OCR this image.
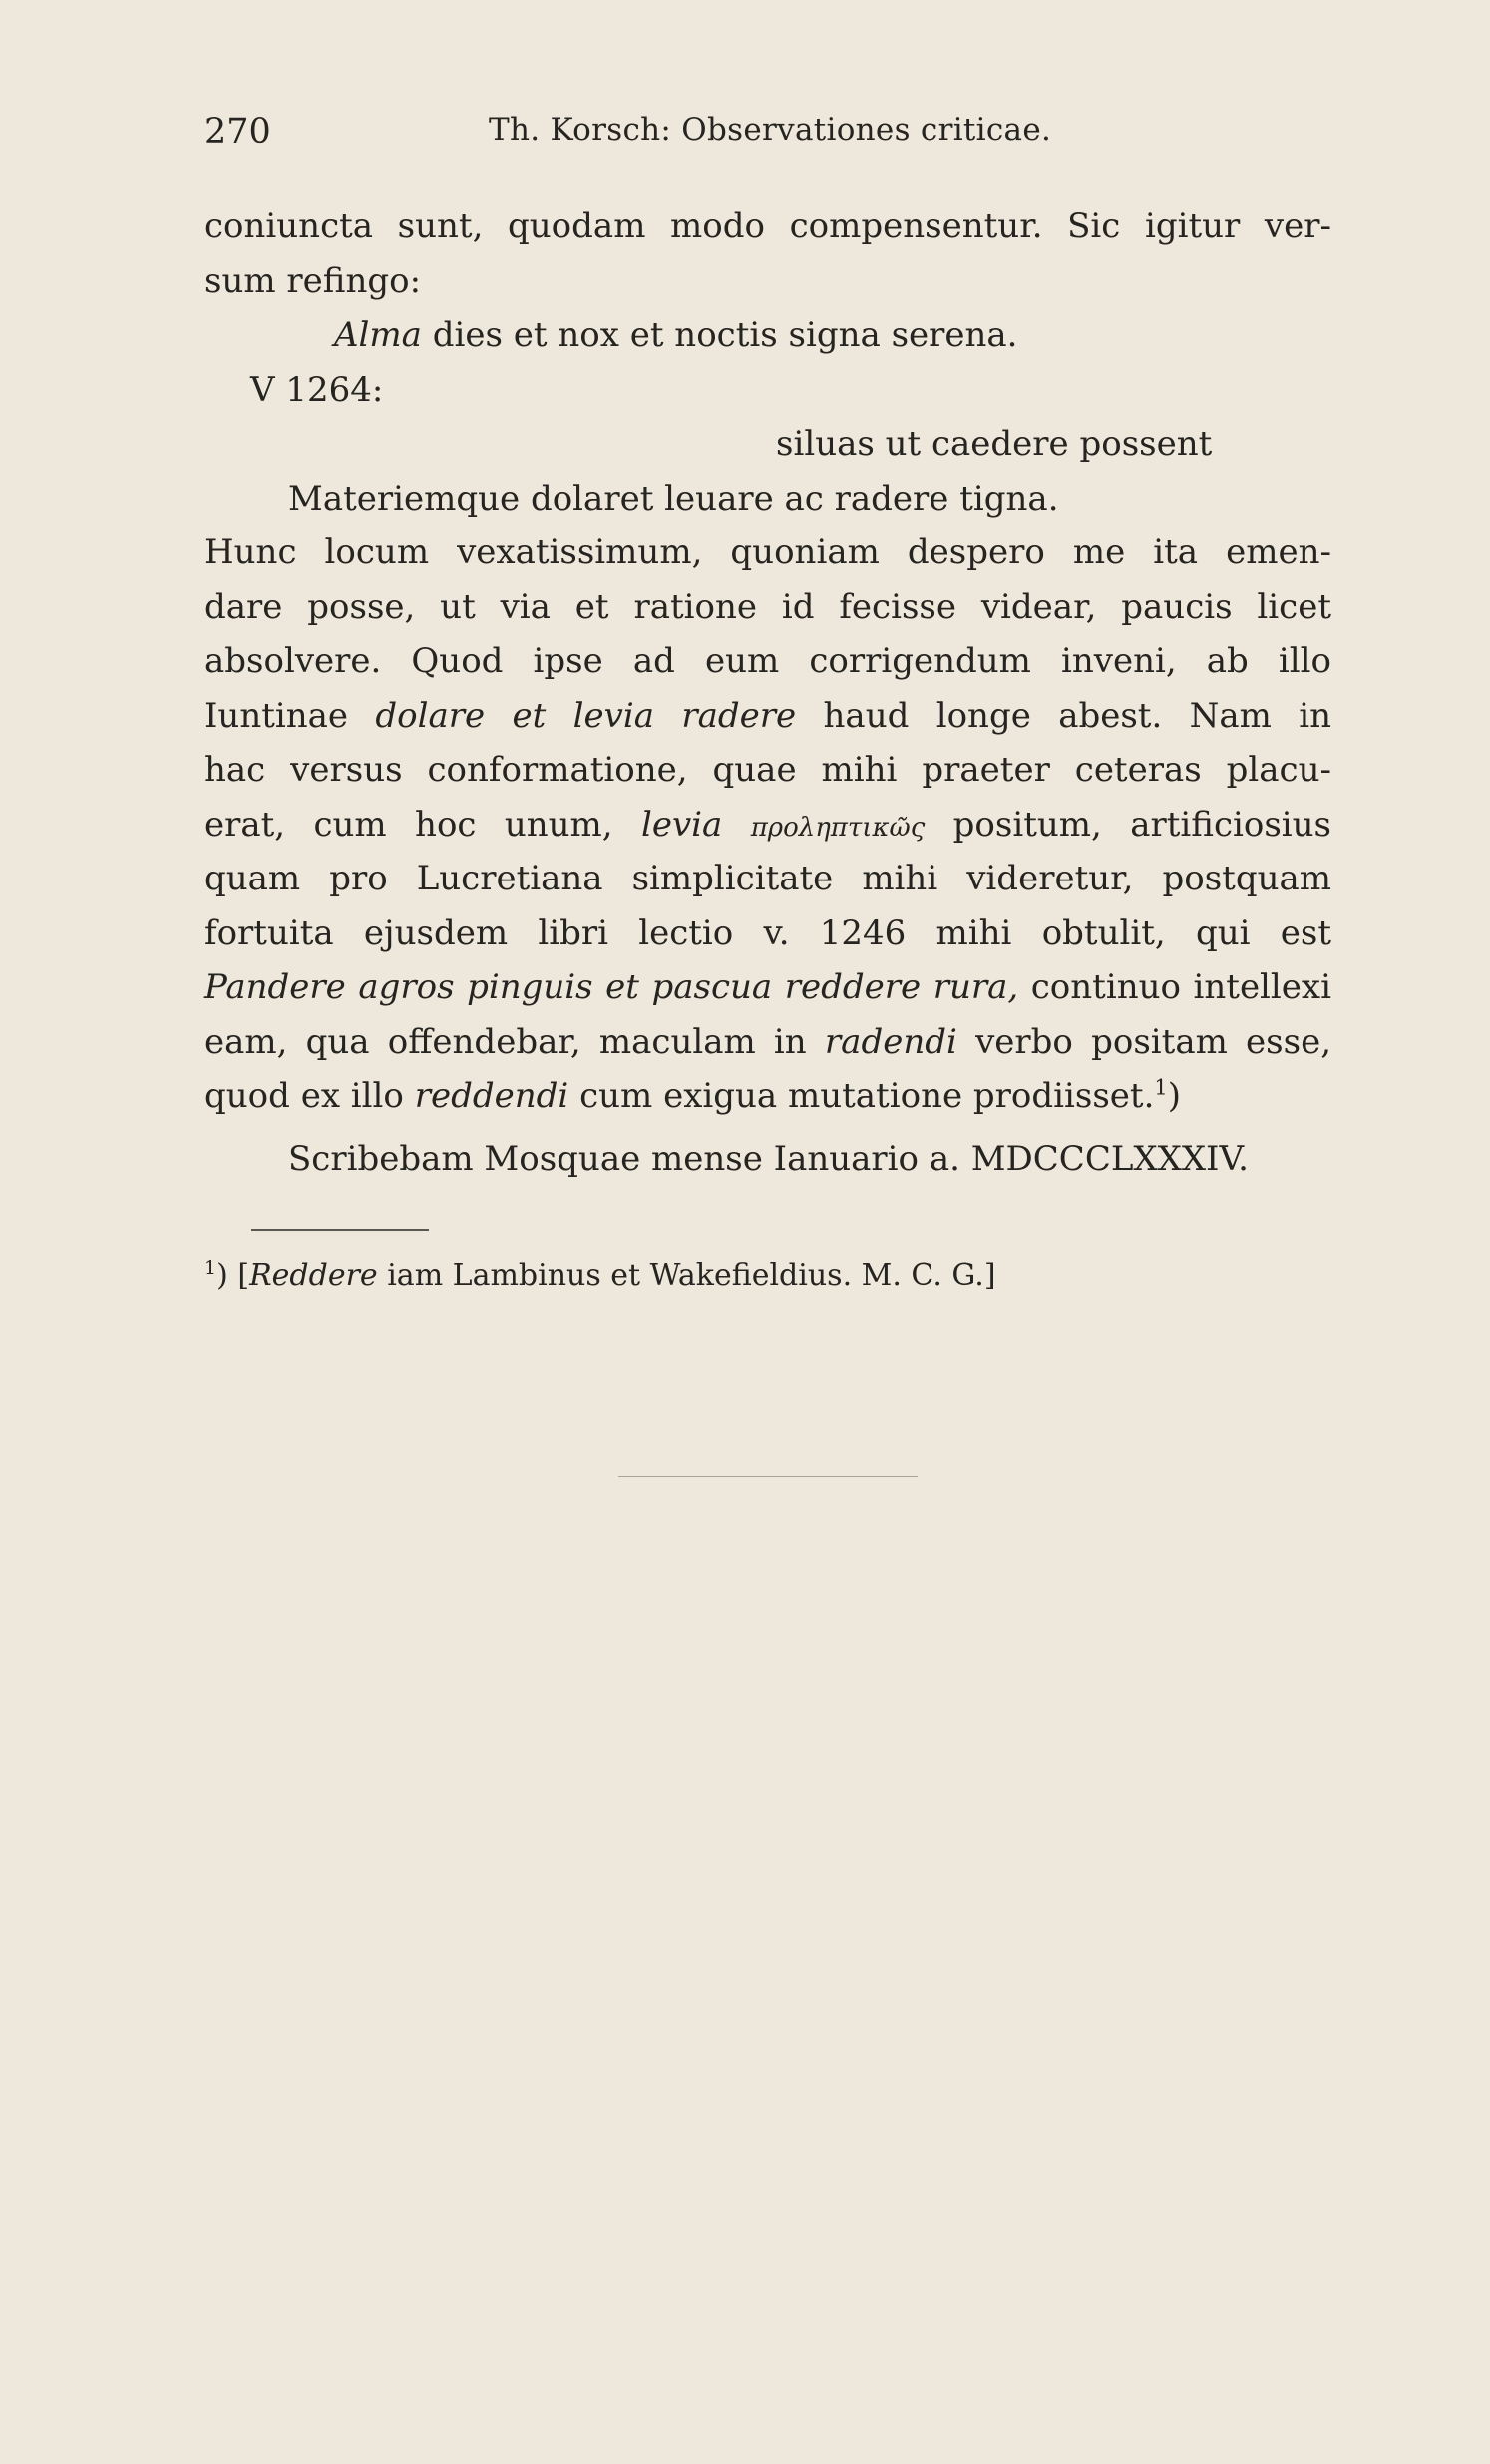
270	Th. Korsch: Observationes criticae.
coniuncta sunt, quodam modo compensentur. Sic igitur ver-
sum refingo:
Alma dies et nox et noctis signa serena.
V 1264:
siluas ut caedere possent
Materiemque dolaret leuare ac radere tigna.
Hunc locum vexatissimum, quoniam despero me ita emen-
dare posse, ut via et ratione id fecisse videar, paucis licet
absolvere. Quod ipse ad eum corrigendum inveni, ab illo
Iuntinae dolare et levia radere haud longe abest. Nam in
hac versus conformatione, quae mihi praeter ceteras placu-
erat, cum hoc unum, levia προληπτικῶς positum, artificiosius
quam pro Lucretiana simplicitate mihi videretur, postquam
fortuita ejusdem libri lectio v. 1246 mihi obtulit, qui est
Pandere agros pinguis et pascua reddere rura, continuo intellexi
eam, qua offendebar, maculam in radendi verbo positam esse,
quod ex illo reddendi cum exigua mutatione prodiisset.$^1$)
Scribebam Mosquae mense Ianuario a. MDCCCLXXXIV.
$^1$) [Reddere iam Lambinus et Wakefieldius. M. C. G.]
